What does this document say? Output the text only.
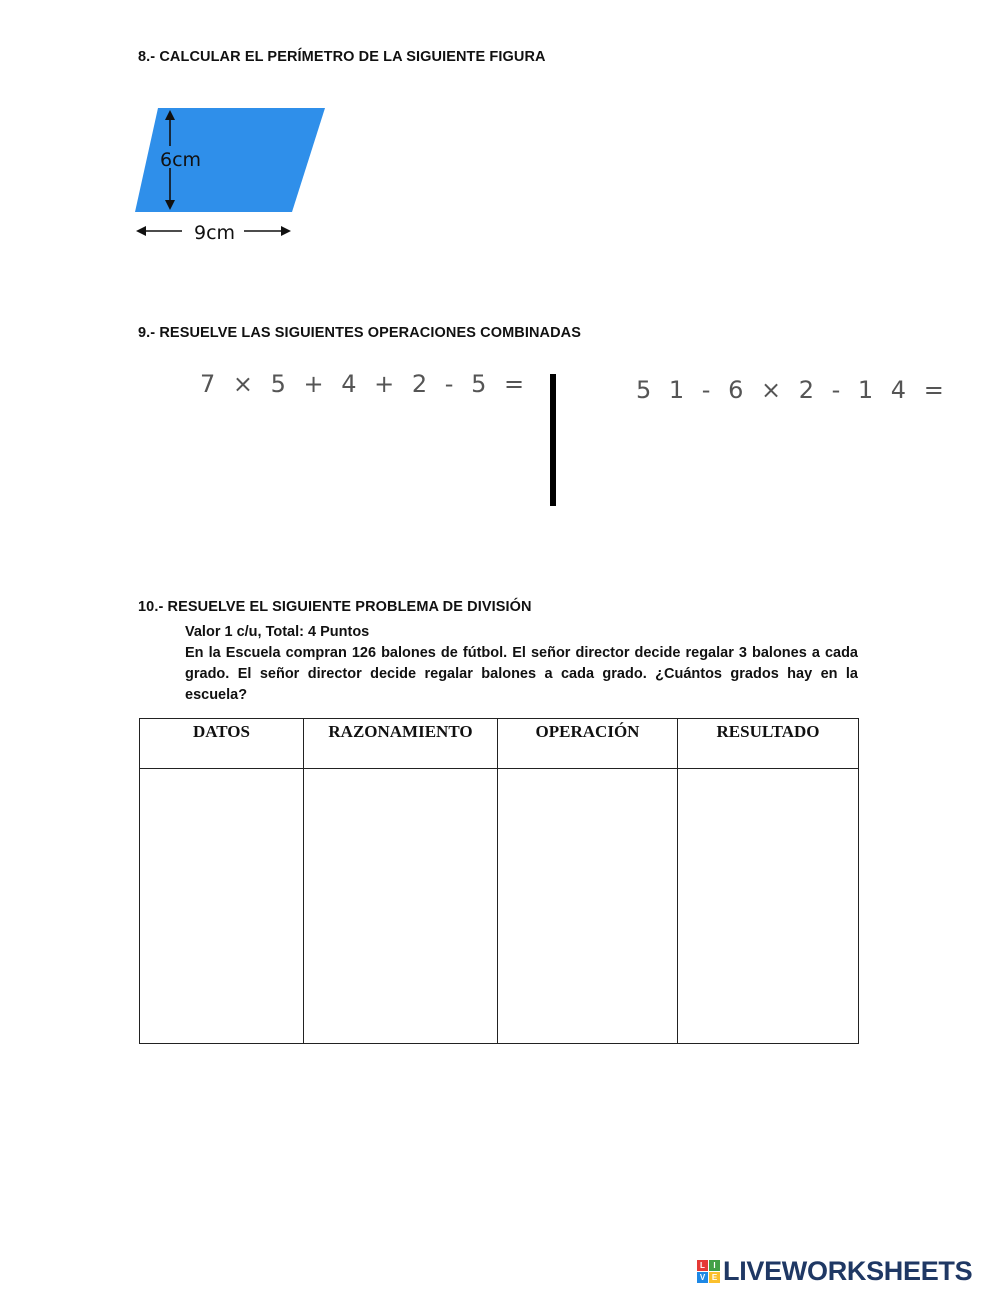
8.- CALCULAR EL PERÍMETRO DE LA SIGUIENTE FIGURA
6cm
9cm
9.- RESUELVE LAS SIGUIENTES OPERACIONES COMBINADAS
7 × 5 + 4 + 2 - 5 =	5 1 - 6 × 2 - 1 4 =
10.- RESUELVE EL SIGUIENTE PROBLEMA DE DIVISIÓN
Valor 1 c/u, Total: 4 Puntos
En la Escuela compran 126 balones de fútbol. El señor director decide regalar 3 balones a cada grado. El señor director decide regalar balones a cada grado. ¿Cuántos grados hay en la escuela?
DATOS	RAZONAMIENTO	OPERACIÓN	RESULTADO

L	I
V E LIVEWORKSHEETS
